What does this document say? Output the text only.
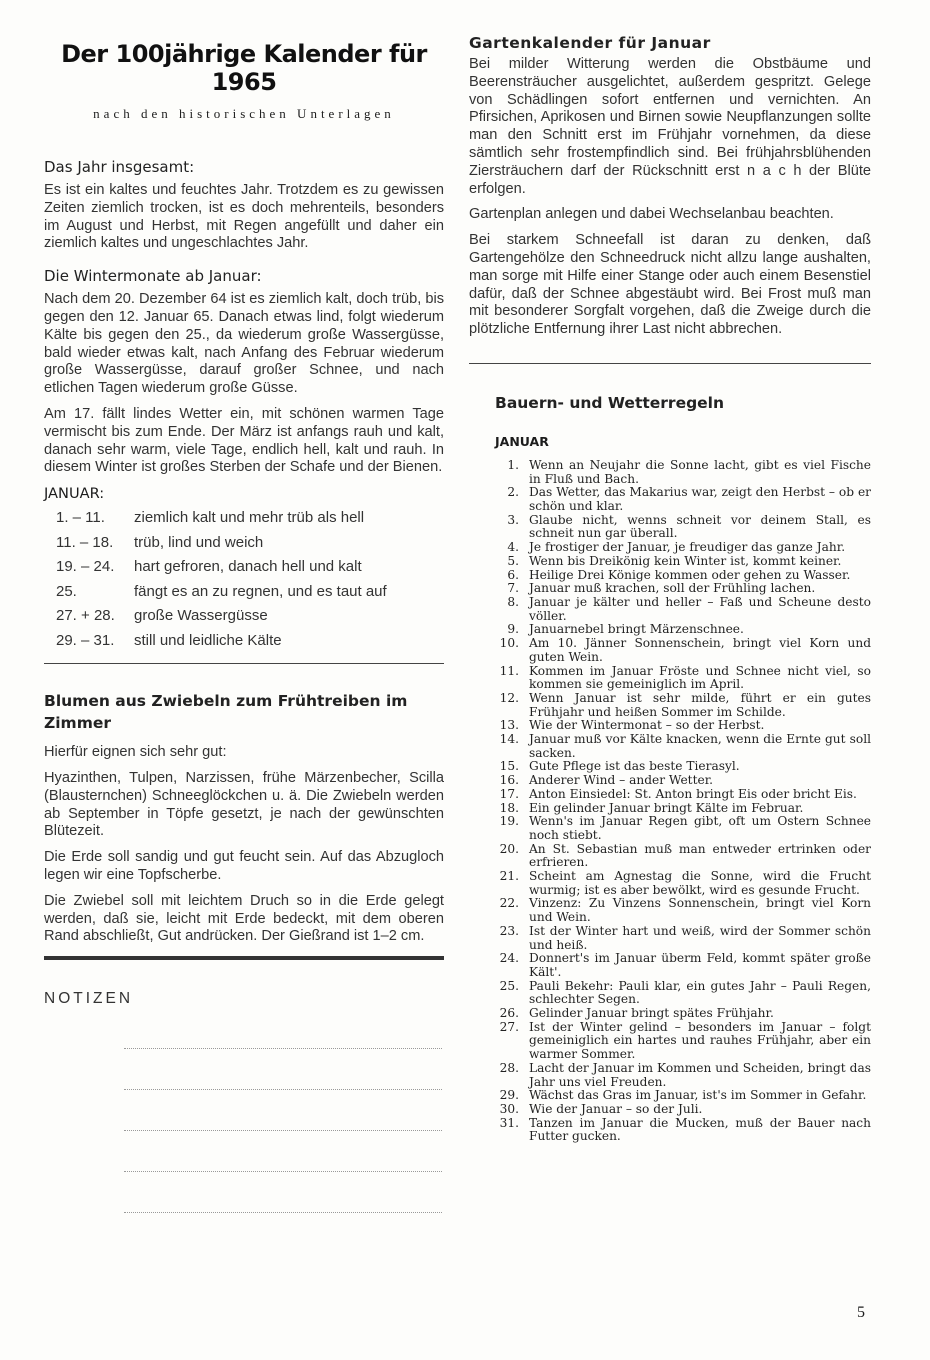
Der 100jährige Kalender für 1965
nach den historischen Unterlagen
Das Jahr insgesamt:

Es ist ein kaltes und feuchtes Jahr. Trotzdem es zu gewissen Zeiten ziemlich trocken, ist es doch mehrenteils, besonders im August und Herbst, mit Regen angefüllt und daher ein ziemlich kaltes und ungeschlachtes Jahr.

Die Wintermonate ab Januar:

Nach dem 20. Dezember 64 ist es ziemlich kalt, doch trüb, bis gegen den 12. Januar 65. Danach etwas lind, folgt wiederum Kälte bis gegen den 25., da wiederum große Wassergüsse, bald wieder etwas kalt, nach Anfang des Februar wiederum große Wassergüsse, darauf großer Schnee, und nach etlichen Tagen wiederum große Güsse.

Am 17. fällt lindes Wetter ein, mit schönen warmen Tage vermischt bis zum Ende. Der März ist anfangs rauh und kalt, danach sehr warm, viele Tage, endlich hell, kalt und rauh. In diesem Winter ist großes Sterben der Schafe und der Bienen.

JANUAR:
1. – 11.	ziemlich kalt und mehr trüb als hell
11. – 18.	trüb, lind und weich
19. – 24.	hart gefroren, danach hell und kalt
25.	fängt es an zu regnen, und es taut auf
27. + 28.	große Wassergüsse
29. – 31.	still und leidliche Kälte
Blumen aus Zwiebeln zum Frühtreiben im Zimmer

Hierfür eignen sich sehr gut:

Hyazinthen, Tulpen, Narzissen, frühe Märzenbecher, Scilla (Blausternchen) Schneeglöckchen u. ä. Die Zwiebeln werden ab September in Töpfe gesetzt, je nach der gewünschten Blütezeit.

Die Erde soll sandig und gut feucht sein. Auf das Abzugloch legen wir eine Topfscherbe.

Die Zwiebel soll mit leichtem Druch so in die Erde gelegt werden, daß sie, leicht mit Erde bedeckt, mit dem oberen Rand abschließt, Gut andrücken. Der Gießrand ist 1–2 cm.

NOTIZEN
Gartenkalender für Januar

Bei milder Witterung werden die Obstbäume und Beerensträucher ausgelichtet, außerdem gespritzt. Gelege von Schädlingen sofort entfernen und vernichten. An Pfirsichen, Aprikosen und Birnen sowie Neupflanzungen sollte man den Schnitt erst im Frühjahr vornehmen, da diese sämtlich sehr frostempfindlich sind. Bei frühjahrsblühenden Ziersträuchern darf der Rückschnitt erst n a c h der Blüte erfolgen.

Gartenplan anlegen und dabei Wechselanbau beachten.

Bei starkem Schneefall ist daran zu denken, daß Gartengehölze den Schneedruck nicht allzu lange aushalten, man sorge mit Hilfe einer Stange oder auch einem Besenstiel dafür, daß der Schnee abgestäubt wird. Bei Frost muß man mit besonderer Sorgfalt vorgehen, daß die Zweige durch die plötzliche Entfernung ihrer Last nicht abbrechen.

Bauern- und Wetterregeln
JANUAR
1. Wenn an Neujahr die Sonne lacht, gibt es viel Fische in Fluß und Bach.
2. Das Wetter, das Makarius war, zeigt den Herbst – ob er schön und klar.
3. Glaube nicht, wenns schneit vor deinem Stall, es schneit nun gar überall.
4. Je frostiger der Januar, je freudiger das ganze Jahr.
5. Wenn bis Dreikönig kein Winter ist, kommt keiner.
6. Heilige Drei Könige kommen oder gehen zu Wasser.
7. Januar muß krachen, soll der Frühling lachen.
8. Januar je kälter und heller – Faß und Scheune desto völler.
9. Januarnebel bringt Märzenschnee.
10. Am 10. Jänner Sonnenschein, bringt viel Korn und guten Wein.
11. Kommen im Januar Fröste und Schnee nicht viel, so kommen sie gemeiniglich im April.
12. Wenn Januar ist sehr milde, führt er ein gutes Frühjahr und heißen Sommer im Schilde.
13. Wie der Wintermonat – so der Herbst.
14. Januar muß vor Kälte knacken, wenn die Ernte gut soll sacken.
15. Gute Pflege ist das beste Tierasyl.
16. Anderer Wind – ander Wetter.
17. Anton Einsiedel: St. Anton bringt Eis oder bricht Eis.
18. Ein gelinder Januar bringt Kälte im Februar.
19. Wenn's im Januar Regen gibt, oft um Ostern Schnee noch stiebt.
20. An St. Sebastian muß man entweder ertrinken oder erfrieren.
21. Scheint am Agnestag die Sonne, wird die Frucht wurmig; ist es aber bewölkt, wird es gesunde Frucht.
22. Vinzenz: Zu Vinzens Sonnenschein, bringt viel Korn und Wein.
23. Ist der Winter hart und weiß, wird der Sommer schön und heiß.
24. Donnert's im Januar überm Feld, kommt später große Kält'.
25. Pauli Bekehr: Pauli klar, ein gutes Jahr – Pauli Regen, schlechter Segen.
26. Gelinder Januar bringt spätes Frühjahr.
27. Ist der Winter gelind – besonders im Januar – folgt gemeiniglich ein hartes und rauhes Frühjahr, aber ein warmer Sommer.
28. Lacht der Januar im Kommen und Scheiden, bringt das Jahr uns viel Freuden.
29. Wächst das Gras im Januar, ist's im Sommer in Gefahr.
30. Wie der Januar – so der Juli.
31. Tanzen im Januar die Mucken, muß der Bauer nach Futter gucken.
5
